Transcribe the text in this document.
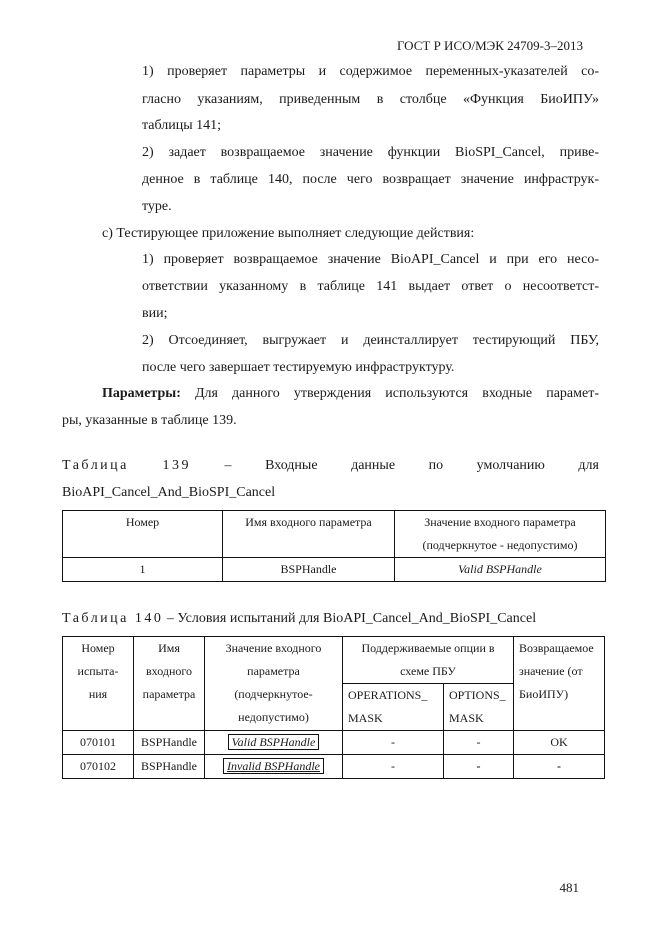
ГОСТ Р ИСО/МЭК 24709-3–2013
1) проверяет параметры и содержимое переменных-указателей со-
гласно указаниям, приведенным в столбце «Функция БиоИПУ»
таблицы 141;
2) задает возвращаемое значение функции BioSPI_Cancel, приве-
денное в таблице 140, после чего возвращает значение инфраструк-
туре.
c) Тестирующее приложение выполняет следующие действия:
1) проверяет возвращаемое значение BioAPI_Cancel и при его несо-
ответствии указанному в таблице 141 выдает ответ о несоответст-
вии;
2) Отсоединяет, выгружает и деинсталлирует тестирующий ПБУ,
после чего завершает тестируемую инфраструктуру.
Параметры: Для данного утверждения используются входные парамет-
ры, указанные в таблице 139.
Таблица 139 – Входные данные по умолчанию для
BioAPI_Cancel_And_BioSPI_Cancel
Номер	Имя входного параметра	Значение входного параметра
(подчеркнутое - недопустимо)
1	BSPHandle	Valid BSPHandle
Таблица 140 – Условия испытаний для BioAPI_Cancel_And_BioSPI_Cancel
Номер
испыта-
ния	Имя
входного
параметра	Значение входного
параметра
(подчеркнутое-
недопустимо)	Поддерживаемые опции в
схеме ПБУ		Возвращаемое
значение (от
БиоИПУ)
			OPERATIONS_
MASK	OPTIONS_
MASK	
070101	BSPHandle	Valid BSPHandle	-	-	OK
070102	BSPHandle	Invalid BSPHandle	-	-	-
481
